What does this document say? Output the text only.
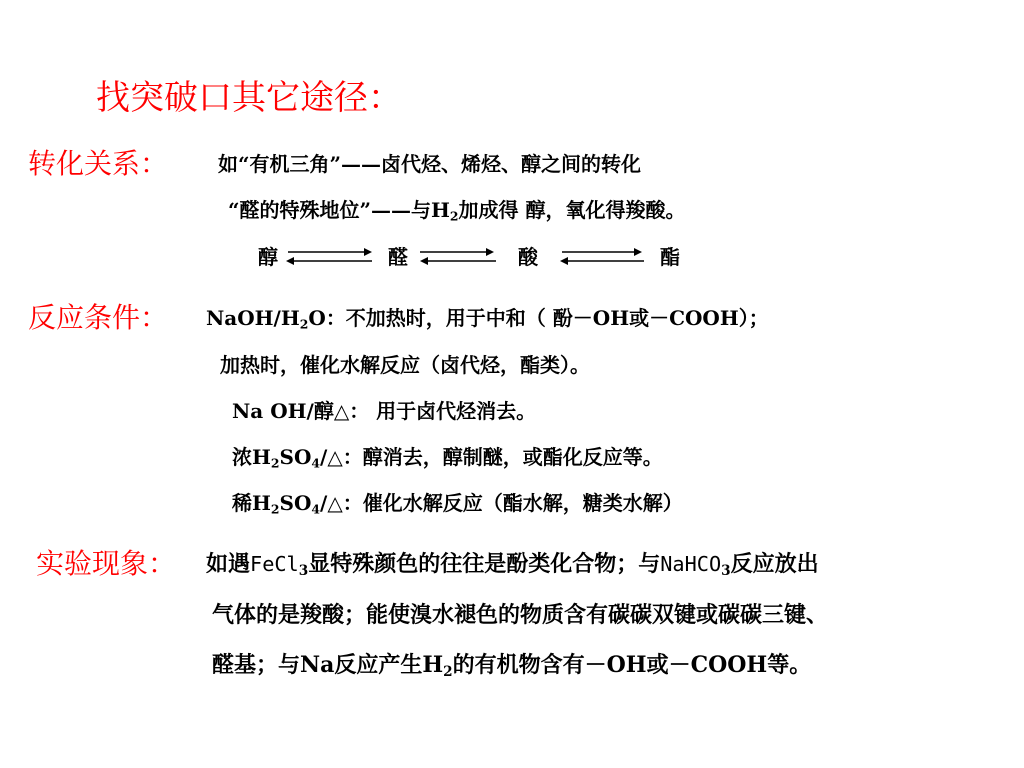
找突破口其它途径：
转化关系： 如“有机三角”——卤代烃、烯烃、醇之间的转化
“醛的特殊地位”——与$H_2$加成得 醇，氧化得羧酸。
醇	醛	酸	酯
反应条件： NaOH/$H_2O$：不加热时，用于中和（ 酚－OH或－COOH）；
加热时，催化水解反应（卤代烃，酯类）。
Na OH/醇△： 用于卤代烃消去。
浓$H_2SO_4/\triangle$：醇消去，醇制醚，或酯化反应等。
稀$H_2SO_4/\triangle$：催化水解反应（酯水解，糖类水解）
实验现象： 如遇FeCl$_3$显特殊颜色的往往是酚类化合物；与NaHCO$_3$反应放出
气体的是羧酸；能使溴水褪色的物质含有碳碳双键或碳碳三键、
醛基；与Na反应产生$H_2$的有机物含有－OH或－COOH等。
